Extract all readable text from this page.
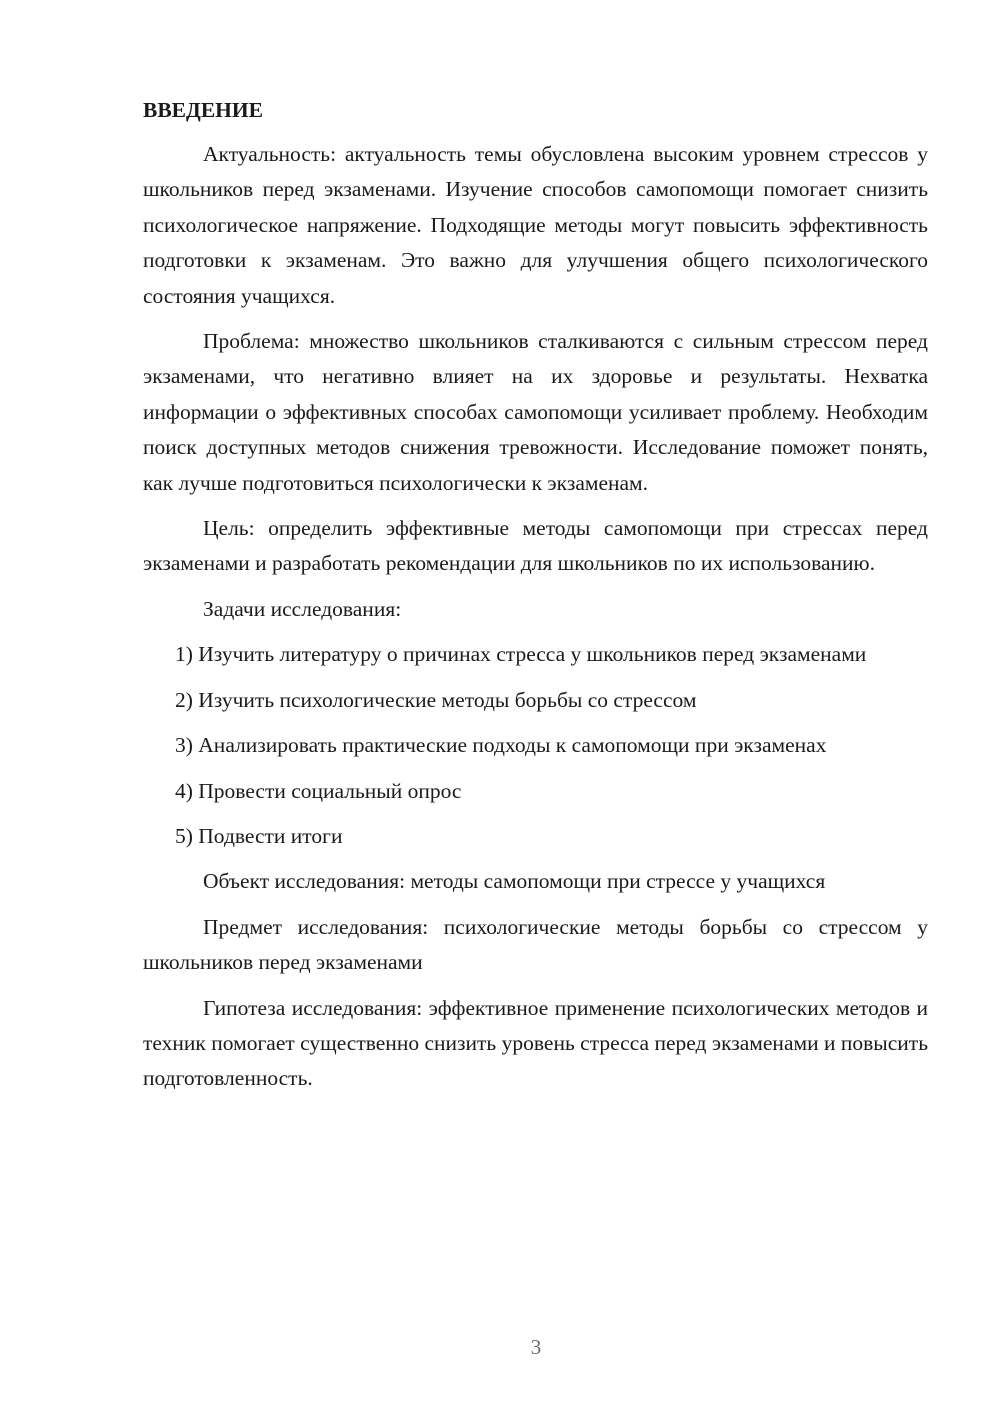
ВВЕДЕНИЕ

Актуальность: актуальность темы обусловлена высоким уровнем стрессов у школьников перед экзаменами. Изучение способов самопомощи помогает снизить психологическое напряжение. Подходящие методы могут повысить эффективность подготовки к экзаменам. Это важно для улучшения общего психологического состояния учащихся.

Проблема: множество школьников сталкиваются с сильным стрессом перед экзаменами, что негативно влияет на их здоровье и результаты. Нехватка информации о эффективных способах самопомощи усиливает проблему. Необходим поиск доступных методов снижения тревожности. Исследование поможет понять, как лучше подготовиться психологически к экзаменам.

Цель: определить эффективные методы самопомощи при стрессах перед экзаменами и разработать рекомендации для школьников по их использованию.

Задачи исследования:

1) Изучить литературу о причинах стресса у школьников перед экзаменами

2) Изучить психологические методы борьбы со стрессом

3) Анализировать практические подходы к самопомощи при экзаменах

4) Провести социальный опрос

5) Подвести итоги

Объект исследования: методы самопомощи при стрессе у учащихся

Предмет исследования: психологические методы борьбы со стрессом у школьников перед экзаменами

Гипотеза исследования: эффективное применение психологических методов и техник помогает существенно снизить уровень стресса перед экзаменами и повысить подготовленность.

3
